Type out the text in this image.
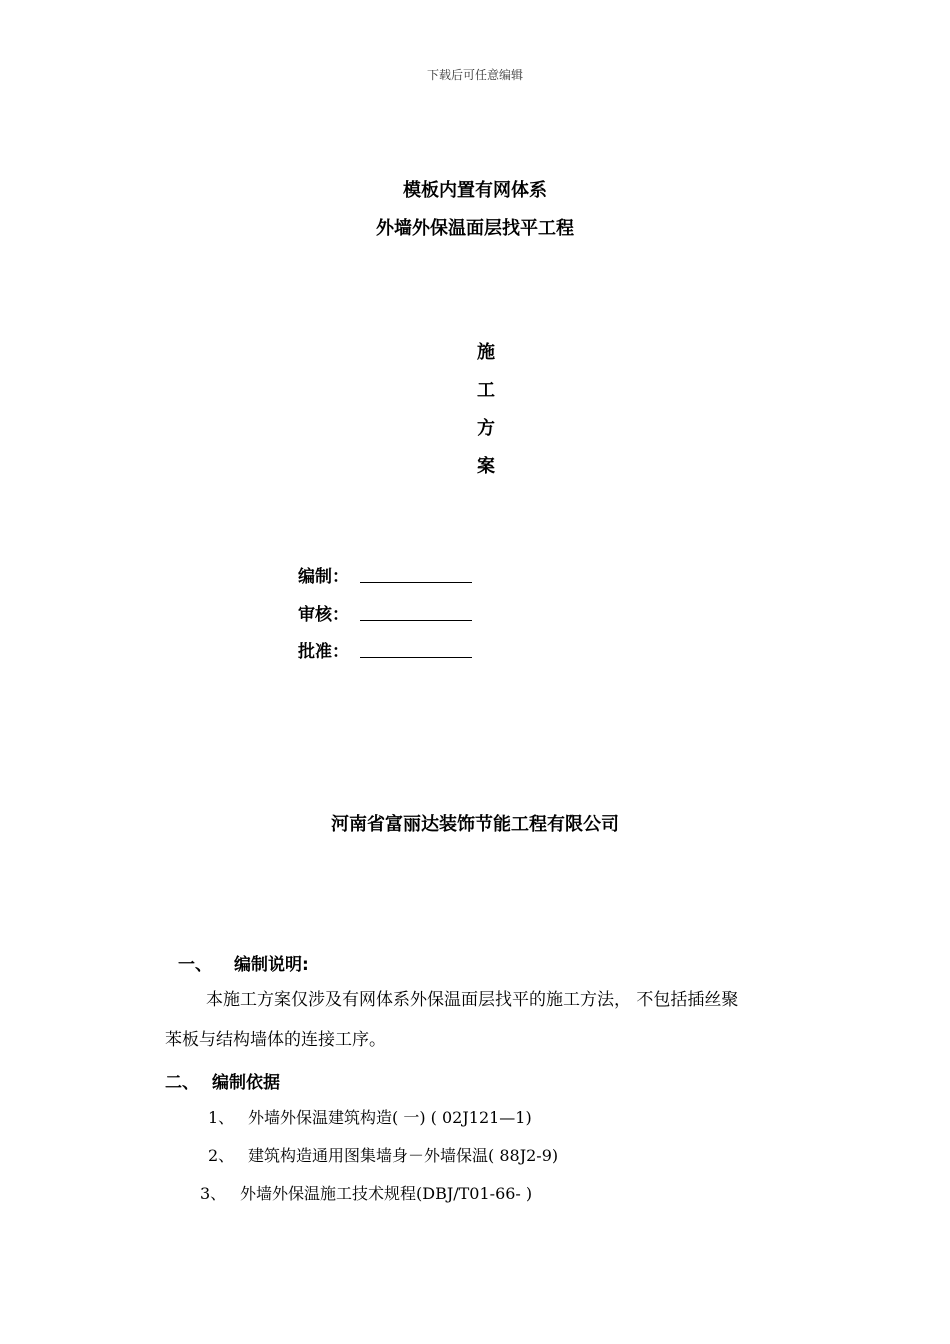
下载后可任意编辑
模板内置有网体系
外墙外保温面层找平工程
施
工
方
案
编制：
审核：
批准：
河南省富丽达装饰节能工程有限公司
一、	编制说明:
本施工方案仅涉及有网体系外保温面层找平的施工方法， 不包括插丝聚
苯板与结构墙体的连接工序。
二、 编制依据
1、 外墙外保温建筑构造( 一) ( 02J121—1)
2、 建筑构造通用图集墙身－外墙保温( 88J2-9)
3、 外墙外保温施工技术规程(DBJ/T01-66- )
